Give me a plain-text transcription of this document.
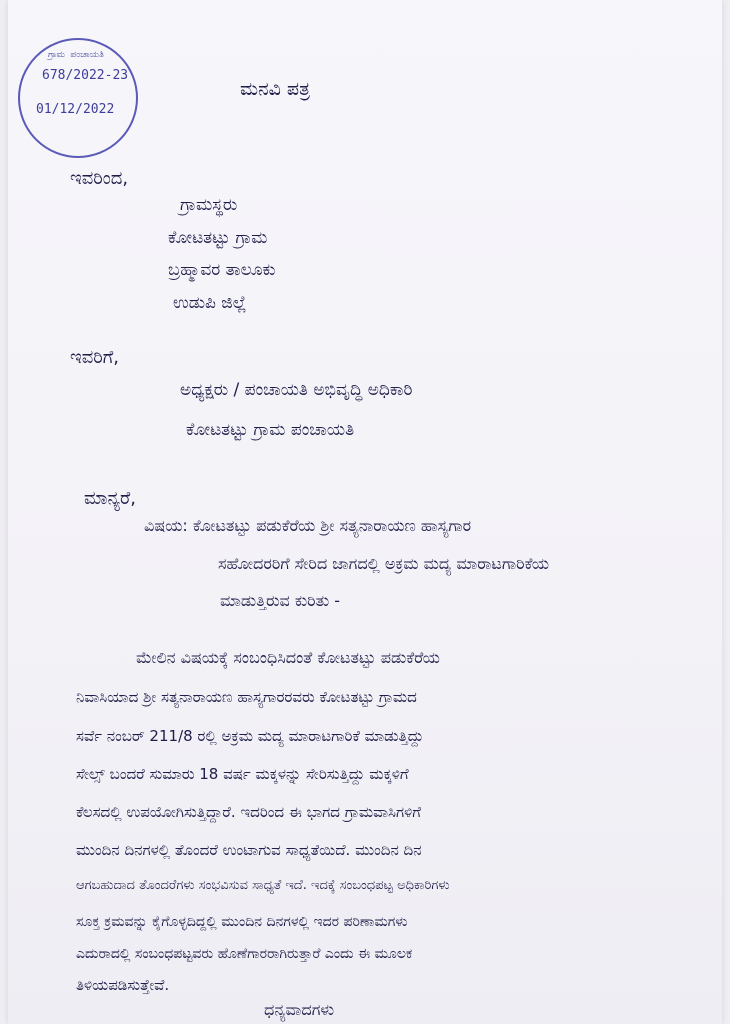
ಗ್ರಾಮ ಪಂಚಾಯತಿ
678/2022-23
01/12/2022
ಮನವಿ ಪತ್ರ
ಇವರಿಂದ,
ಗ್ರಾಮಸ್ಥರು
ಕೋಟತಟ್ಟು ಗ್ರಾಮ
ಬ್ರಹ್ಮಾವರ ತಾಲೂಕು
ಉಡುಪಿ ಜಿಲ್ಲೆ
ಇವರಿಗೆ,
ಅಧ್ಯಕ್ಷರು / ಪಂಚಾಯತಿ ಅಭಿವೃದ್ಧಿ ಅಧಿಕಾರಿ
ಕೋಟತಟ್ಟು ಗ್ರಾಮ ಪಂಚಾಯತಿ
ಮಾನ್ಯರೆ,
ವಿಷಯ: ಕೋಟತಟ್ಟು ಪಡುಕೆರೆಯ ಶ್ರೀ ಸತ್ಯನಾರಾಯಣ ಹಾಸ್ಯಗಾರ
ಸಹೋದರರಿಗೆ ಸೇರಿದ ಜಾಗದಲ್ಲಿ ಅಕ್ರಮ ಮದ್ಯ ಮಾರಾಟಗಾರಿಕೆಯ
ಮಾಡುತ್ತಿರುವ ಕುರಿತು -
ಮೇಲಿನ ವಿಷಯಕ್ಕೆ ಸಂಬಂಧಿಸಿದಂತೆ ಕೋಟತಟ್ಟು ಪಡುಕೆರೆಯ
ನಿವಾಸಿಯಾದ ಶ್ರೀ ಸತ್ಯನಾರಾಯಣ ಹಾಸ್ಯಗಾರರವರು ಕೋಟತಟ್ಟು ಗ್ರಾಮದ
ಸರ್ವೆ ನಂಬರ್ 211/8 ರಲ್ಲಿ ಅಕ್ರಮ ಮದ್ಯ ಮಾರಾಟಗಾರಿಕೆ ಮಾಡುತ್ತಿದ್ದು
ಸೇಲ್ಸ್ ಬಂದರೆ ಸುಮಾರು 18 ವರ್ಷ ಮಕ್ಕಳನ್ನು ಸೇರಿಸುತ್ತಿದ್ದು ಮಕ್ಕಳಿಗೆ
ಕೆಲಸದಲ್ಲಿ ಉಪಯೋಗಿಸುತ್ತಿದ್ದಾರೆ. ಇದರಿಂದ ಈ ಭಾಗದ ಗ್ರಾಮವಾಸಿಗಳಿಗೆ
ಮುಂದಿನ ದಿನಗಳಲ್ಲಿ ತೊಂದರೆ ಉಂಟಾಗುವ ಸಾಧ್ಯತೆಯಿದೆ. ಮುಂದಿನ ದಿನ
ಆಗಬಹುದಾದ ತೊಂದರೆಗಳು ಸಂಭವಿಸುವ ಸಾಧ್ಯತೆ ಇದೆ. ಇದಕ್ಕೆ ಸಂಬಂಧಪಟ್ಟ ಅಧಿಕಾರಿಗಳು
ಸೂಕ್ತ ಕ್ರಮವನ್ನು ಕೈಗೊಳ್ಳದಿದ್ದಲ್ಲಿ ಮುಂದಿನ ದಿನಗಳಲ್ಲಿ ಇದರ ಪರಿಣಾಮಗಳು
ಎದುರಾದಲ್ಲಿ ಸಂಬಂಧಪಟ್ಟವರು ಹೊಣೆಗಾರರಾಗಿರುತ್ತಾರೆ ಎಂದು ಈ ಮೂಲಕ
ತಿಳಿಯಪಡಿಸುತ್ತೇವೆ.
ಧನ್ಯವಾದಗಳು
